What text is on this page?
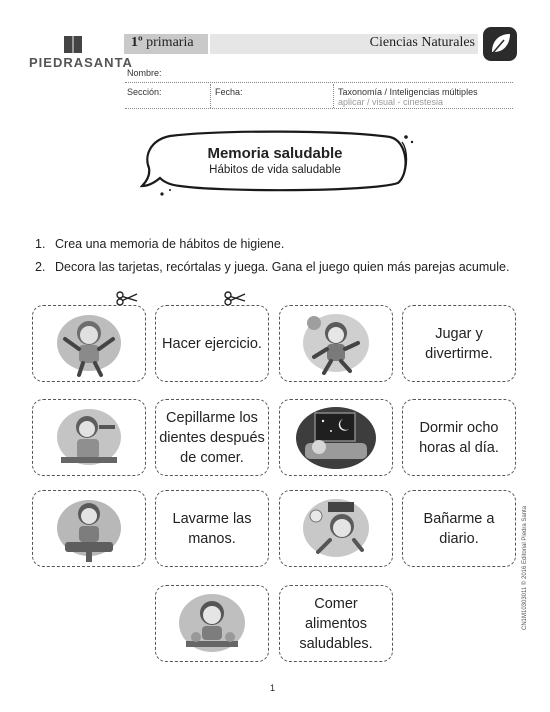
PIEDRASANTA
1º primaria	Ciencias Naturales
Nombre:
Sección:	Fecha:	Taxonomía / Inteligencias múltiples
aplicar / visual - cinestesia
Memoria saludable
Hábitos de vida saludable
1. Crea una memoria de hábitos de higiene.
2. Decora las tarjetas, recórtalas y juega. Gana el juego quien más parejas acumule.
Hacer ejercicio.
Jugar y
divertirme.
Cepillarme los
dientes después
de comer.
Dormir ocho
horas al día.
Lavarme las
manos.
Bañarme a
diario.
Comer
alimentos
saludables.
CN1M10303011 © 2016 Editorial Piedra Santa
1
